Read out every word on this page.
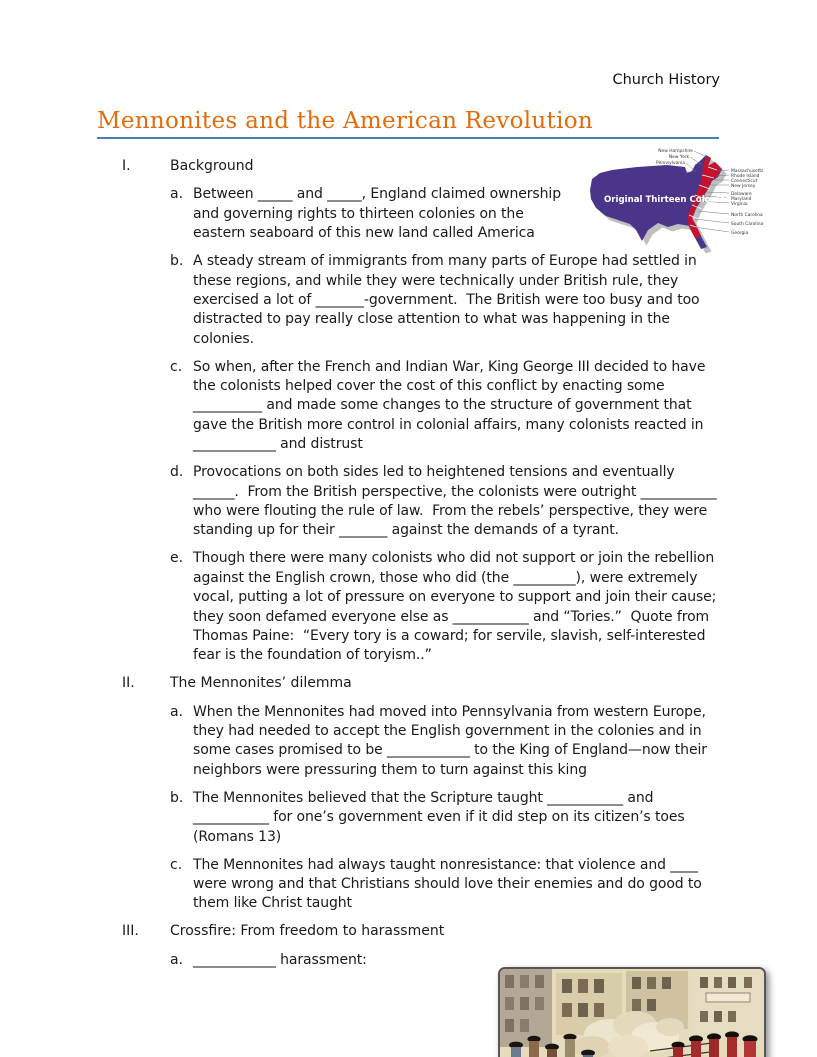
Church History
Mennonites and the American Revolution
New Hampshire
New York
Pennsylvania
Massachusetts
Rhode Island
Connecticut
New Jersey
Delaware
Maryland
Virginia
North Carolina
South Carolina
Georgia
Original Thirteen Colonies
I.	Background
a. Between _____ and _____, England claimed ownership and governing rights to thirteen colonies on the eastern seaboard of this new land called America
b. A steady stream of immigrants from many parts of Europe had settled in these regions, and while they were technically under British rule, they exercised a lot of _______-government.  The British were too busy and too distracted to pay really close attention to what was happening in the colonies.
c. So when, after the French and Indian War, King George III decided to have the colonists helped cover the cost of this conflict by enacting some __________ and made some changes to the structure of government that gave the British more control in colonial affairs, many colonists reacted in ____________ and distrust
d. Provocations on both sides led to heightened tensions and eventually ______.  From the British perspective, the colonists were outright ___________ who were flouting the rule of law.  From the rebels’ perspective, they were standing up for their _______ against the demands of a tyrant.
e. Though there were many colonists who did not support or join the rebellion against the English crown, those who did (the _________), were extremely vocal, putting a lot of pressure on everyone to support and join their cause; they soon defamed everyone else as ___________ and “Tories.”  Quote from Thomas Paine:  “Every tory is a coward; for servile, slavish, self-interested fear is the foundation of toryism..”
II.	The Mennonites’ dilemma
a. When the Mennonites had moved into Pennsylvania from western Europe, they had needed to accept the English government in the colonies and in some cases promised to be ____________ to the King of England—now their neighbors were pressuring them to turn against this king
b. The Mennonites believed that the Scripture taught ___________ and ___________ for one’s government even if it did step on its citizen’s toes (Romans 13)
c. The Mennonites had always taught nonresistance: that violence and ____ were wrong and that Christians should love their enemies and do good to them like Christ taught
III.	Crossfire: From freedom to harassment
a. ____________ harassment:
